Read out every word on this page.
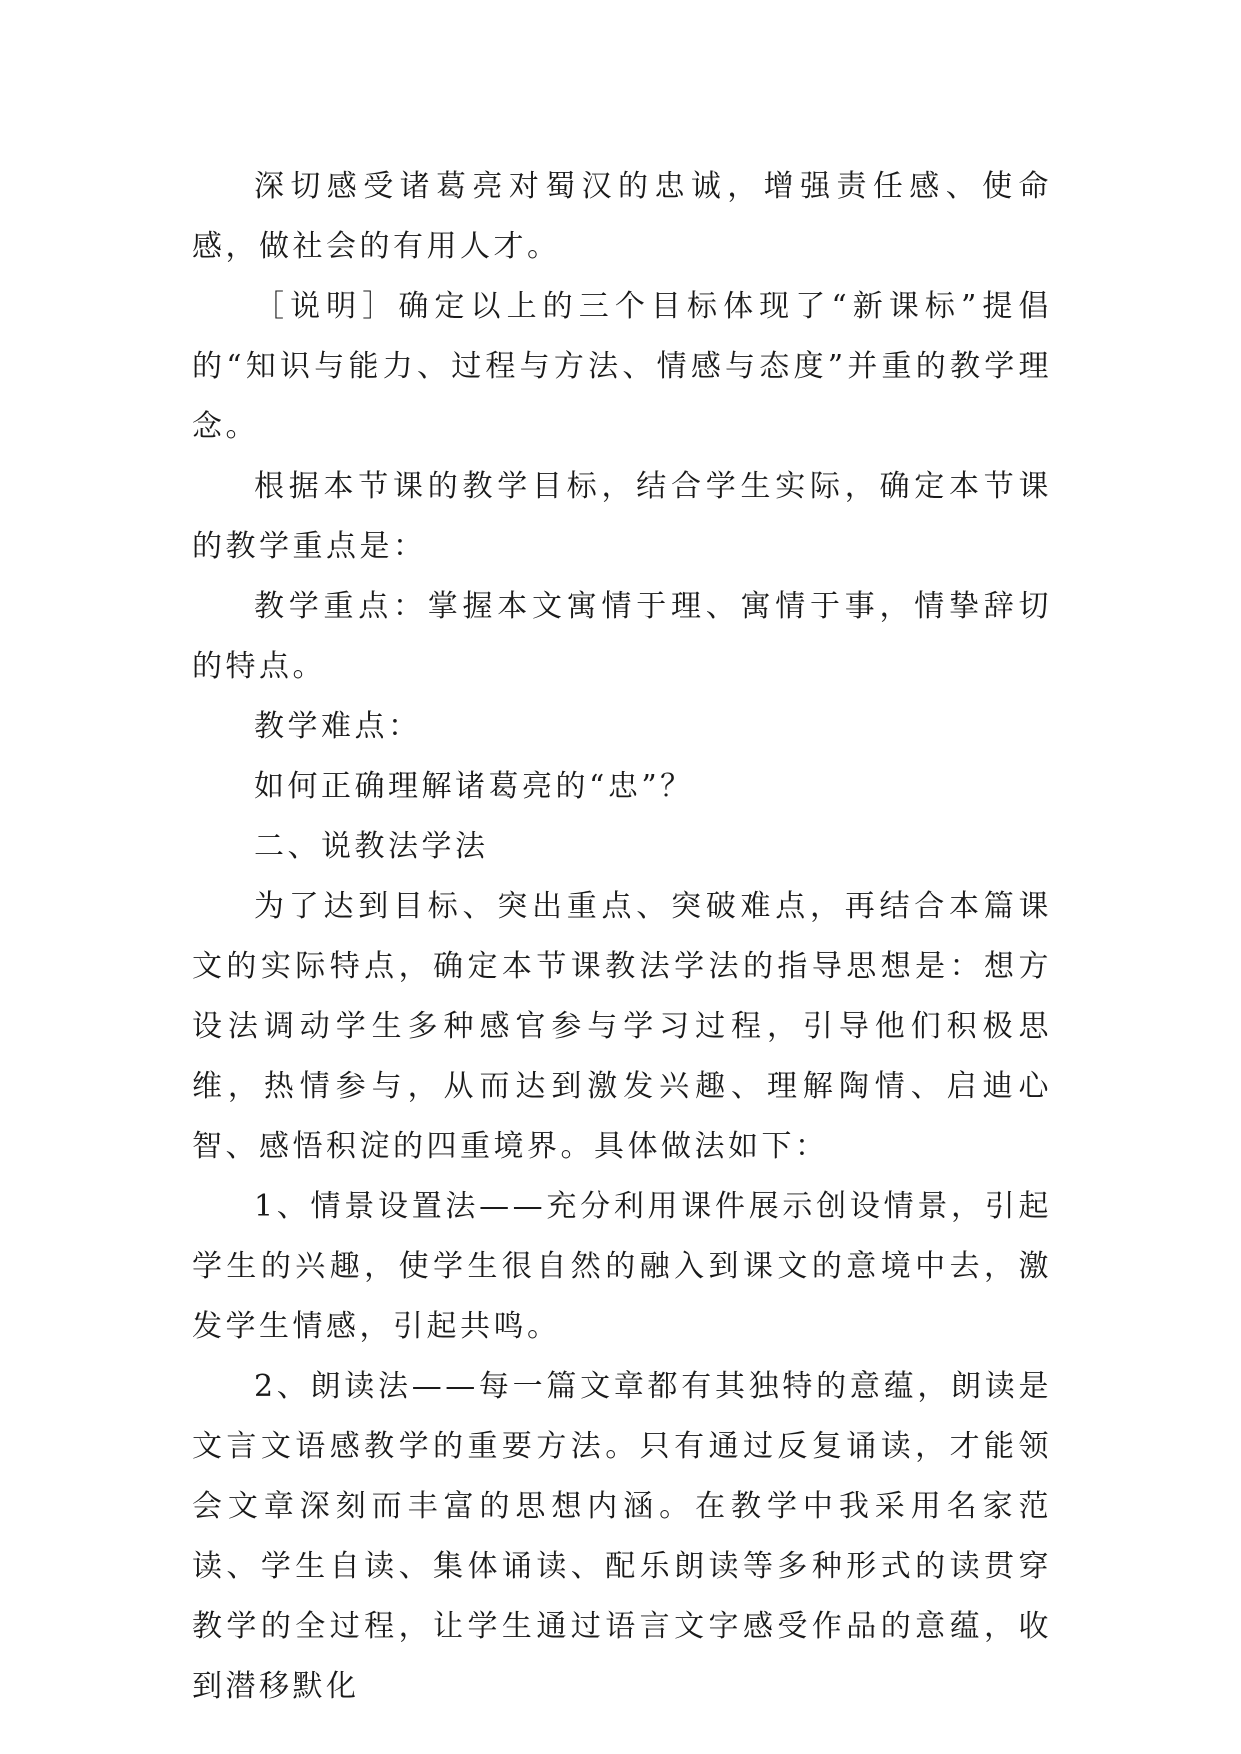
深切感受诸葛亮对蜀汉的忠诚，增强责任感、使命感，做社会的有用人才。

［说明］确定以上的三个目标体现了“新课标”提倡的“知识与能力、过程与方法、情感与态度”并重的教学理念。

根据本节课的教学目标，结合学生实际，确定本节课的教学重点是：

教学重点：掌握本文寓情于理、寓情于事，情挚辞切的特点。

教学难点：

如何正确理解诸葛亮的“忠”？

二、说教法学法

为了达到目标、突出重点、突破难点，再结合本篇课文的实际特点，确定本节课教法学法的指导思想是：想方设法调动学生多种感官参与学习过程，引导他们积极思维，热情参与，从而达到激发兴趣、理解陶情、启迪心智、感悟积淀的四重境界。具体做法如下：

1、情景设置法——充分利用课件展示创设情景，引起学生的兴趣，使学生很自然的融入到课文的意境中去，激发学生情感，引起共鸣。

2、朗读法——每一篇文章都有其独特的意蕴，朗读是文言文语感教学的重要方法。只有通过反复诵读，才能领会文章深刻而丰富的思想内涵。在教学中我采用名家范读、学生自读、集体诵读、配乐朗读等多种形式的读贯穿教学的全过程，让学生通过语言文字感受作品的意蕴，收到潜移默化
